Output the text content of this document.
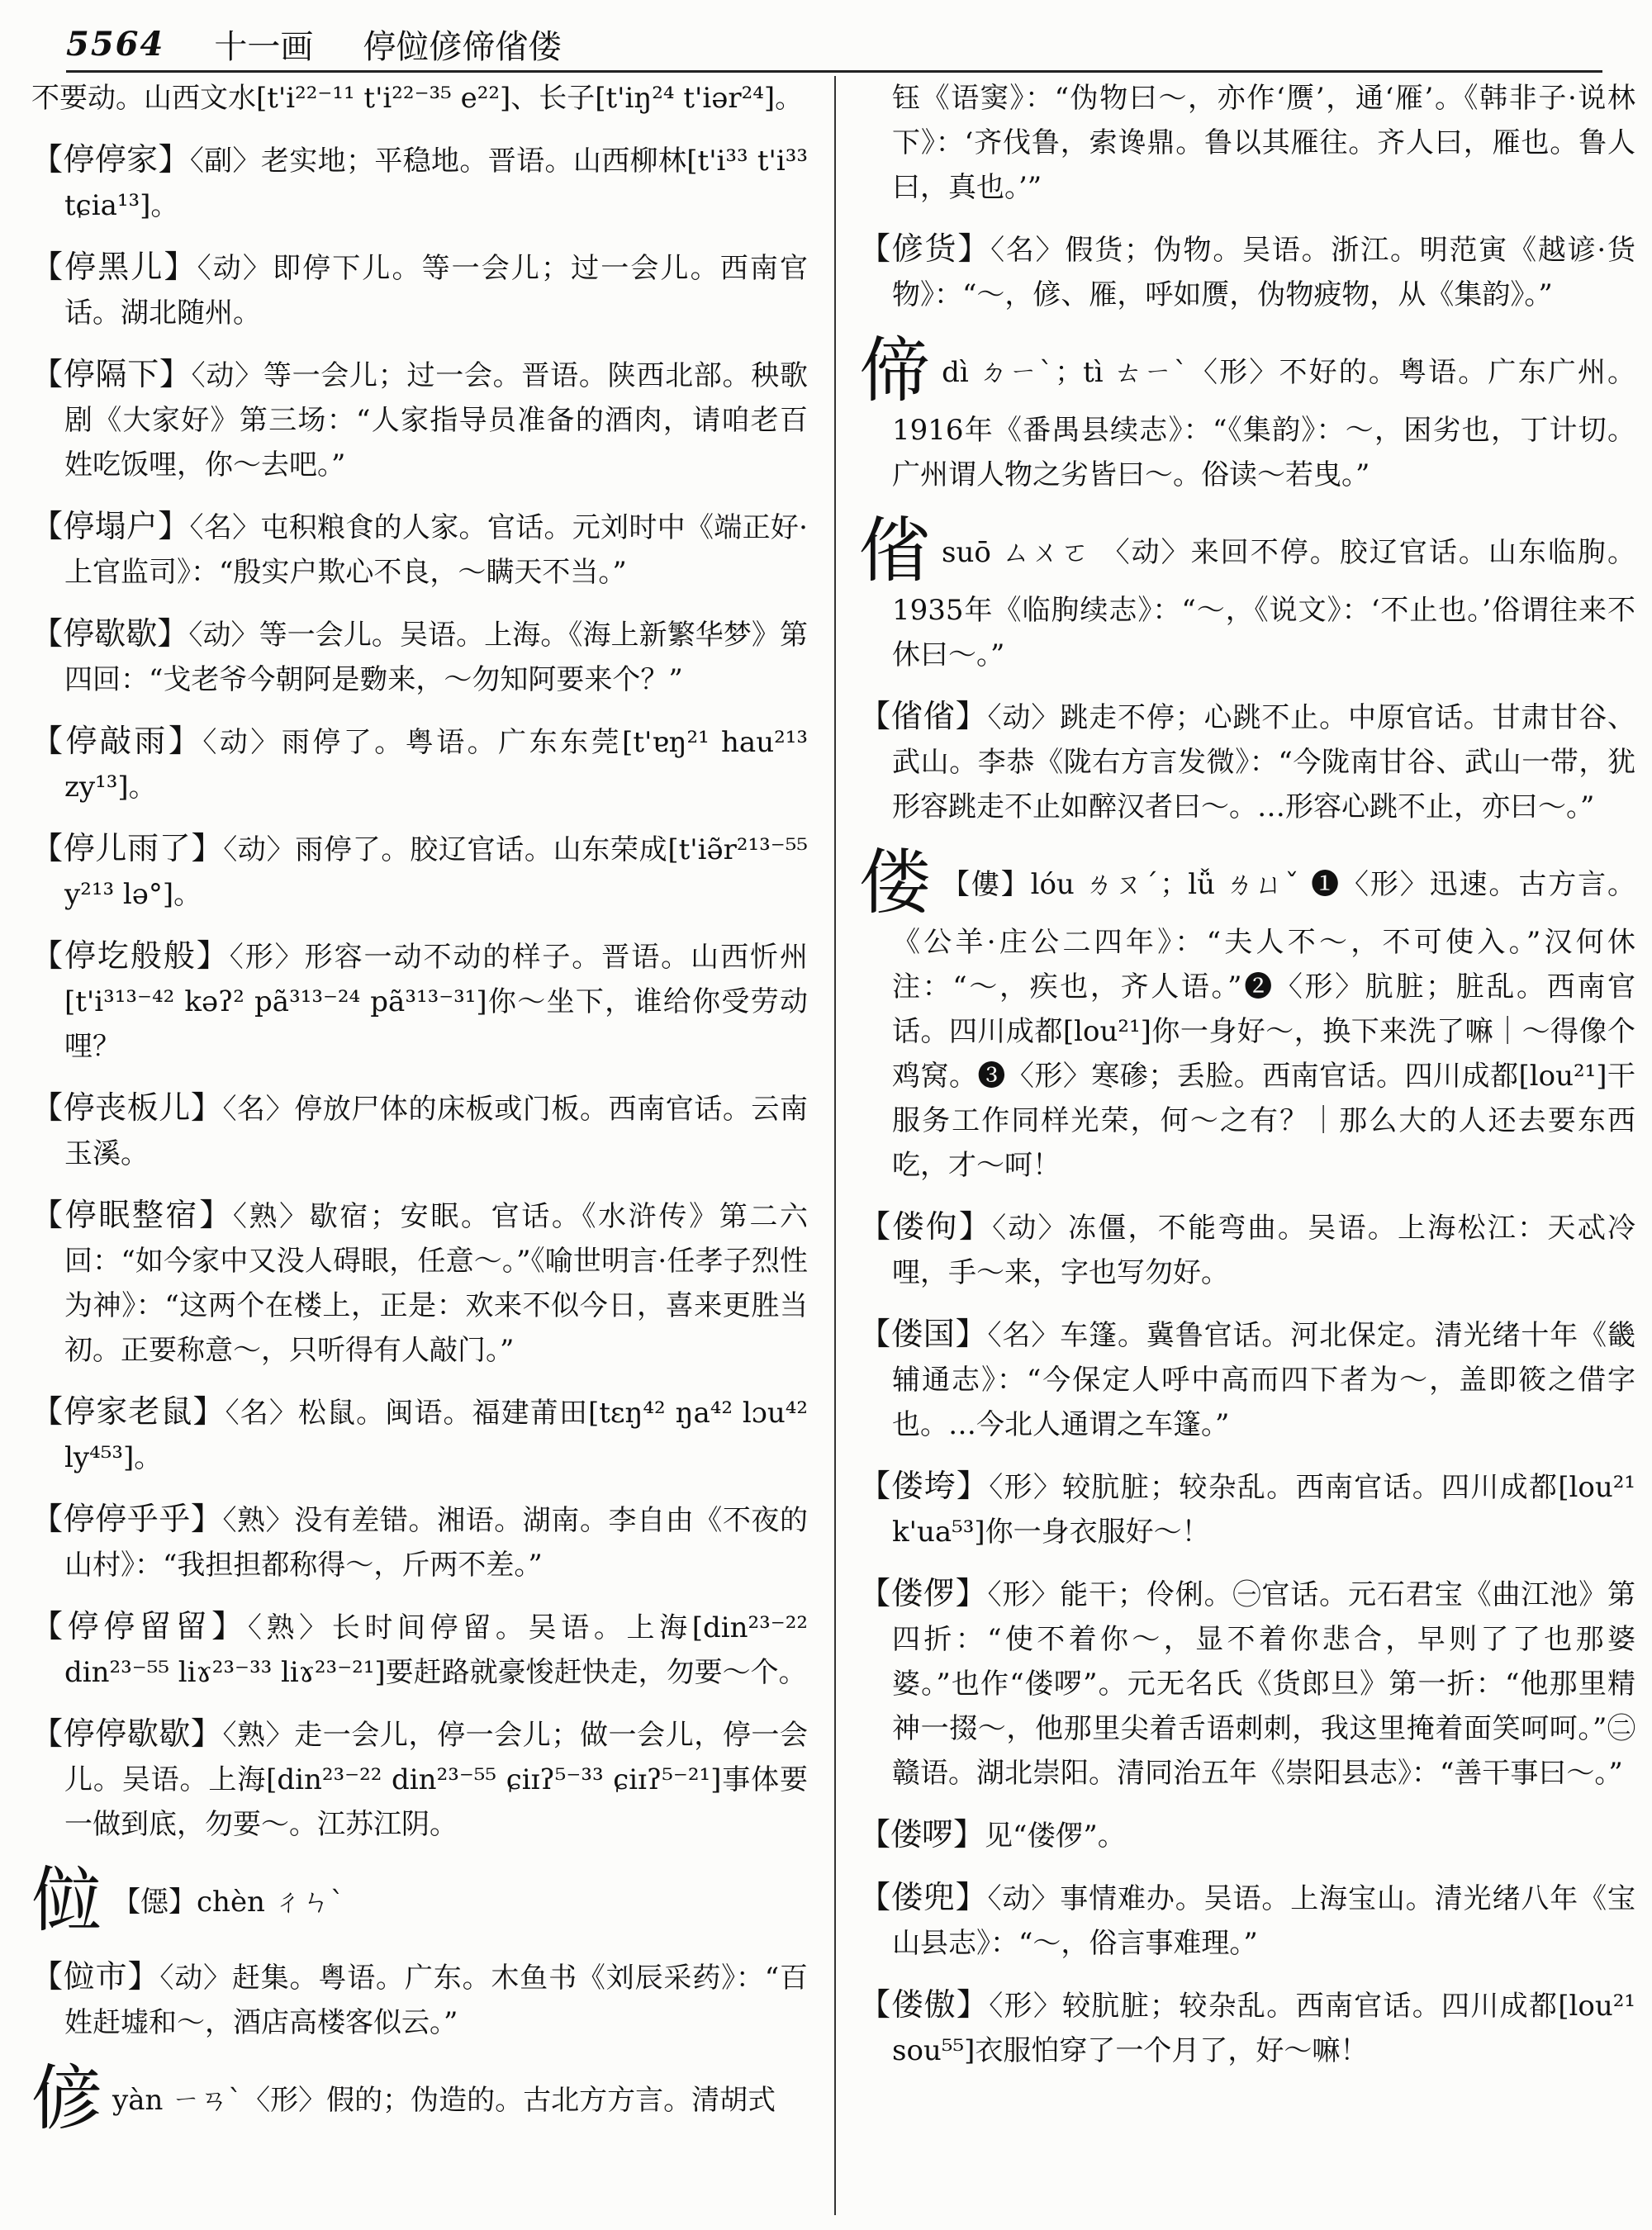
5564 十一画 停傡偐偙偗偻

不要动。山西文水[t'i²²⁻¹¹ t'i²²⁻³⁵ e²²]、长子[t'iŋ²⁴ t'iər²⁴]。

【停停家】〈副〉老实地；平稳地。晋语。山西柳林[t'i³³ t'i³³ tɕia¹³]。

【停黑儿】〈动〉即停下儿。等一会儿；过一会儿。西南官话。湖北随州。

【停隔下】〈动〉等一会儿；过一会。晋语。陕西北部。秧歌剧《大家好》第三场：“人家指导员准备的酒肉，请咱老百姓吃饭哩，你～去吧。”

【停塌户】〈名〉屯积粮食的人家。官话。元刘时中《端正好·上官监司》：“殷实户欺心不良，～瞒天不当。”

【停歇歇】〈动〉等一会儿。吴语。上海。《海上新繁华梦》第四回：“戈老爷今朝阿是覅来，～勿知阿要来个？”

【停敲雨】〈动〉雨停了。粤语。广东东莞[t'ɐŋ²¹ hau²¹³ zy¹³]。

【停儿雨了】〈动〉雨停了。胶辽官话。山东荣成[t'iə̃r²¹³⁻⁵⁵ y²¹³ lə°]。

【停圪般般】〈形〉形容一动不动的样子。晋语。山西忻州[t'i³¹³⁻⁴² kəʔ² pã³¹³⁻²⁴ pã³¹³⁻³¹]你～坐下，谁给你受劳动哩？

【停丧板儿】〈名〉停放尸体的床板或门板。西南官话。云南玉溪。

【停眠整宿】〈熟〉歇宿；安眠。官话。《水浒传》第二六回：“如今家中又没人碍眼，任意～。”《喻世明言·任孝子烈性为神》：“这两个在楼上，正是：欢来不似今日，喜来更胜当初。正要称意～，只听得有人敲门。”

【停家老鼠】〈名〉松鼠。闽语。福建莆田[tɛŋ⁴² ŋa⁴² lɔu⁴² ly⁴⁵³]。

【停停乎乎】〈熟〉没有差错。湘语。湖南。李自由《不夜的山村》：“我担担都称得～，斤两不差。”

【停停留留】〈熟〉长时间停留。吴语。上海[din²³⁻²² din²³⁻⁵⁵ liɤ²³⁻³³ liɤ²³⁻²¹]要赶路就豪悛赶快走，勿要～个。

【停停歇歇】〈熟〉走一会儿，停一会儿；做一会儿，停一会儿。吴语。上海[din²³⁻²² din²³⁻⁵⁵ ɕiɪʔ⁵⁻³³ ɕiɪʔ⁵⁻²¹]事体要一做到底，勿要～。江苏江阴。

傡 【僫】chèn ㄔㄣˋ

【傡市】〈动〉赶集。粤语。广东。木鱼书《刘辰采药》：“百姓赶墟和～，酒店高楼客似云。”

偐yàn ㄧㄢˋ〈形〉假的；伪造的。古北方方言。清胡式

钰《语窦》：“伪物曰～，亦作‘赝’，通‘雁’。《韩非子·说林下》：‘齐伐鲁，索谗鼎。鲁以其雁往。齐人曰，雁也。鲁人曰，真也。’”

【偐货】〈名〉假货；伪物。吴语。浙江。明范寅《越谚·货物》：“～，偐、雁，呼如赝，伪物疲物，从《集韵》。”

偙dì ㄉㄧˋ；tì ㄊㄧˋ〈形〉不好的。粤语。广东广州。1916年《番禺县续志》：“《集韵》：～，困劣也，丁计切。广州谓人物之劣皆曰～。俗读～若曳。”

偗suō ㄙㄨㄛ 〈动〉来回不停。胶辽官话。山东临朐。1935年《临朐续志》：“～，《说文》：‘不止也。’俗谓往来不休曰～。”

【偗偗】〈动〉跳走不停；心跳不止。中原官话。甘肃甘谷、武山。李恭《陇右方言发微》：“今陇南甘谷、武山一带，犹形容跳走不止如醉汉者曰～。…形容心跳不止，亦曰～。”

偻 【僂】lóu ㄌㄡˊ；lǚ ㄌㄩˇ ❶〈形〉迅速。古方言。《公羊·庄公二四年》：“夫人不～，不可使入。”汉何休注：“～，疾也，齐人语。”❷〈形〉肮脏；脏乱。西南官话。四川成都[lou²¹]你一身好～，换下来洗了嘛｜～得像个鸡窝。❸〈形〉寒碜；丢脸。西南官话。四川成都[lou²¹]干服务工作同样光荣，何～之有？｜那么大的人还去要东西吃，才～呵！

【偻佝】〈动〉冻僵，不能弯曲。吴语。上海松江：天忒冷哩，手～来，字也写勿好。

【偻国】〈名〉车篷。冀鲁官话。河北保定。清光绪十年《畿辅通志》：“今保定人呼中高而四下者为～，盖即筱之借字也。…今北人通谓之车篷。”

【偻垮】〈形〉较肮脏；较杂乱。西南官话。四川成都[lou²¹ k'ua⁵³]你一身衣服好～！

【偻㑩】〈形〉能干；伶俐。㊀官话。元石君宝《曲江池》第四折：“使不着你～，显不着你悲合，早则了了也那婆婆。”也作“偻啰”。元无名氏《货郎旦》第一折：“他那里精神一掇～，他那里尖着舌语刺刺，我这里掩着面笑呵呵。”㊁赣语。湖北崇阳。清同治五年《崇阳县志》：“善干事曰～。”

【偻啰】见“偻㑩”。

【偻兜】〈动〉事情难办。吴语。上海宝山。清光绪八年《宝山县志》：“～，俗言事难理。”

【偻傲】〈形〉较肮脏；较杂乱。西南官话。四川成都[lou²¹ sou⁵⁵]衣服怕穿了一个月了，好～嘛！
